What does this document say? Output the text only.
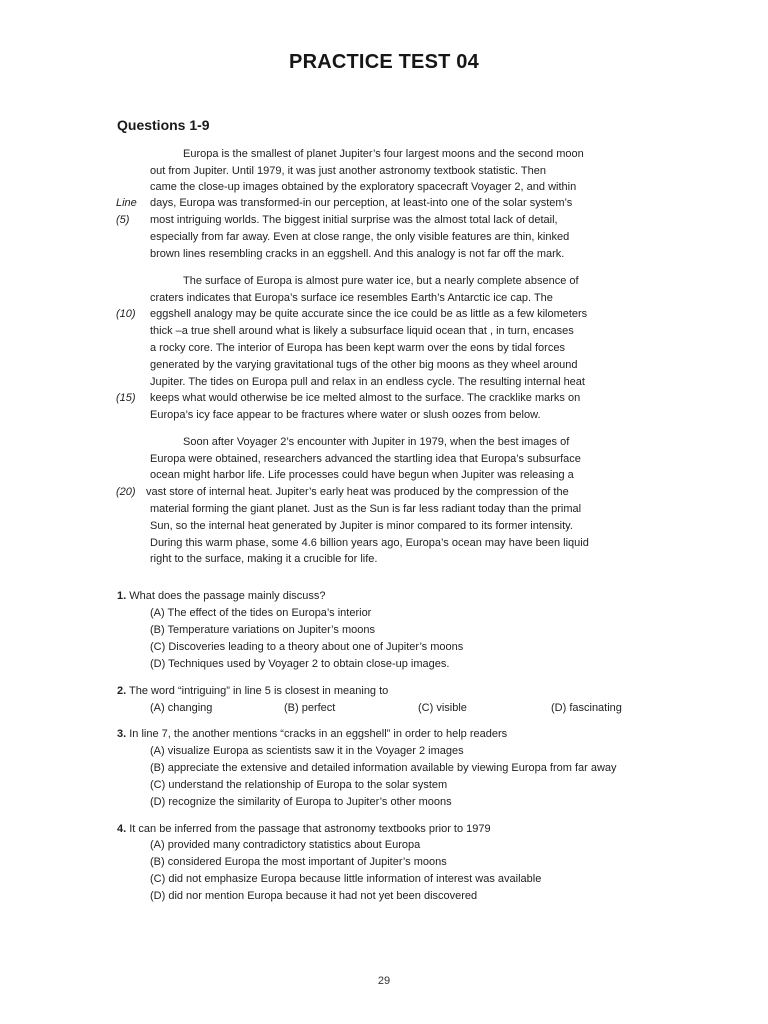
PRACTICE TEST 04
Questions 1-9
Europa is the smallest of planet Jupiter’s four largest moons and the second moon
out from Jupiter. Until 1979, it was just another astronomy textbook statistic. Then
came the close-up images obtained by the exploratory spacecraft Voyager 2, and within
Line days, Europa was transformed-in our perception, at least-into one of the solar system’s
(5) most intriguing worlds. The biggest initial surprise was the almost total lack of detail,
especially from far away. Even at close range, the only visible features are thin, kinked
brown lines resembling cracks in an eggshell. And this analogy is not far off the mark.
The surface of Europa is almost pure water ice, but a nearly complete absence of
craters indicates that Europa’s surface ice resembles Earth’s Antarctic ice cap. The
(10) eggshell analogy may be quite accurate since the ice could be as little as a few kilometers
thick –a true shell around what is likely a subsurface liquid ocean that , in turn, encases
a rocky core. The interior of Europa has been kept warm over the eons by tidal forces
generated by the varying gravitational tugs of the other big moons as they wheel around
Jupiter. The tides on Europa pull and relax in an endless cycle. The resulting internal heat
(15) keeps what would otherwise be ice melted almost to the surface. The cracklike marks on
Europa’s icy face appear to be fractures where water or slush oozes from below.
Soon after Voyager 2’s encounter with Jupiter in 1979, when the best images of
Europa were obtained, researchers advanced the startling idea that Europa’s subsurface
ocean might harbor life. Life processes could have begun when Jupiter was releasing a
(20) vast store of internal heat. Jupiter’s early heat was produced by the compression of the
material forming the giant planet. Just as the Sun is far less radiant today than the primal
Sun, so the internal heat generated by Jupiter is minor compared to its former intensity.
During this warm phase, some 4.6 billion years ago, Europa’s ocean may have been liquid
right to the surface, making it a crucible for life.
1. What does the passage mainly discuss?
(A) The effect of the tides on Europa’s interior
(B) Temperature variations on Jupiter’s moons
(C) Discoveries leading to a theory about one of Jupiter’s moons
(D) Techniques used by Voyager 2 to obtain close-up images.
2. The word “intriguing” in line 5 is closest in meaning to
(A) changing	(B) perfect	(C) visible	(D) fascinating
3. In line 7, the another mentions “cracks in an eggshell” in order to help readers
(A) visualize Europa as scientists saw it in the Voyager 2 images
(B) appreciate the extensive and detailed information available by viewing Europa from far away
(C) understand the relationship of Europa to the solar system
(D) recognize the similarity of Europa to Jupiter’s other moons
4. It can be inferred from the passage that astronomy textbooks prior to 1979
(A) provided many contradictory statistics about Europa
(B) considered Europa the most important of Jupiter’s moons
(C) did not emphasize Europa because little information of interest was available
(D) did nor mention Europa because it had not yet been discovered
29
